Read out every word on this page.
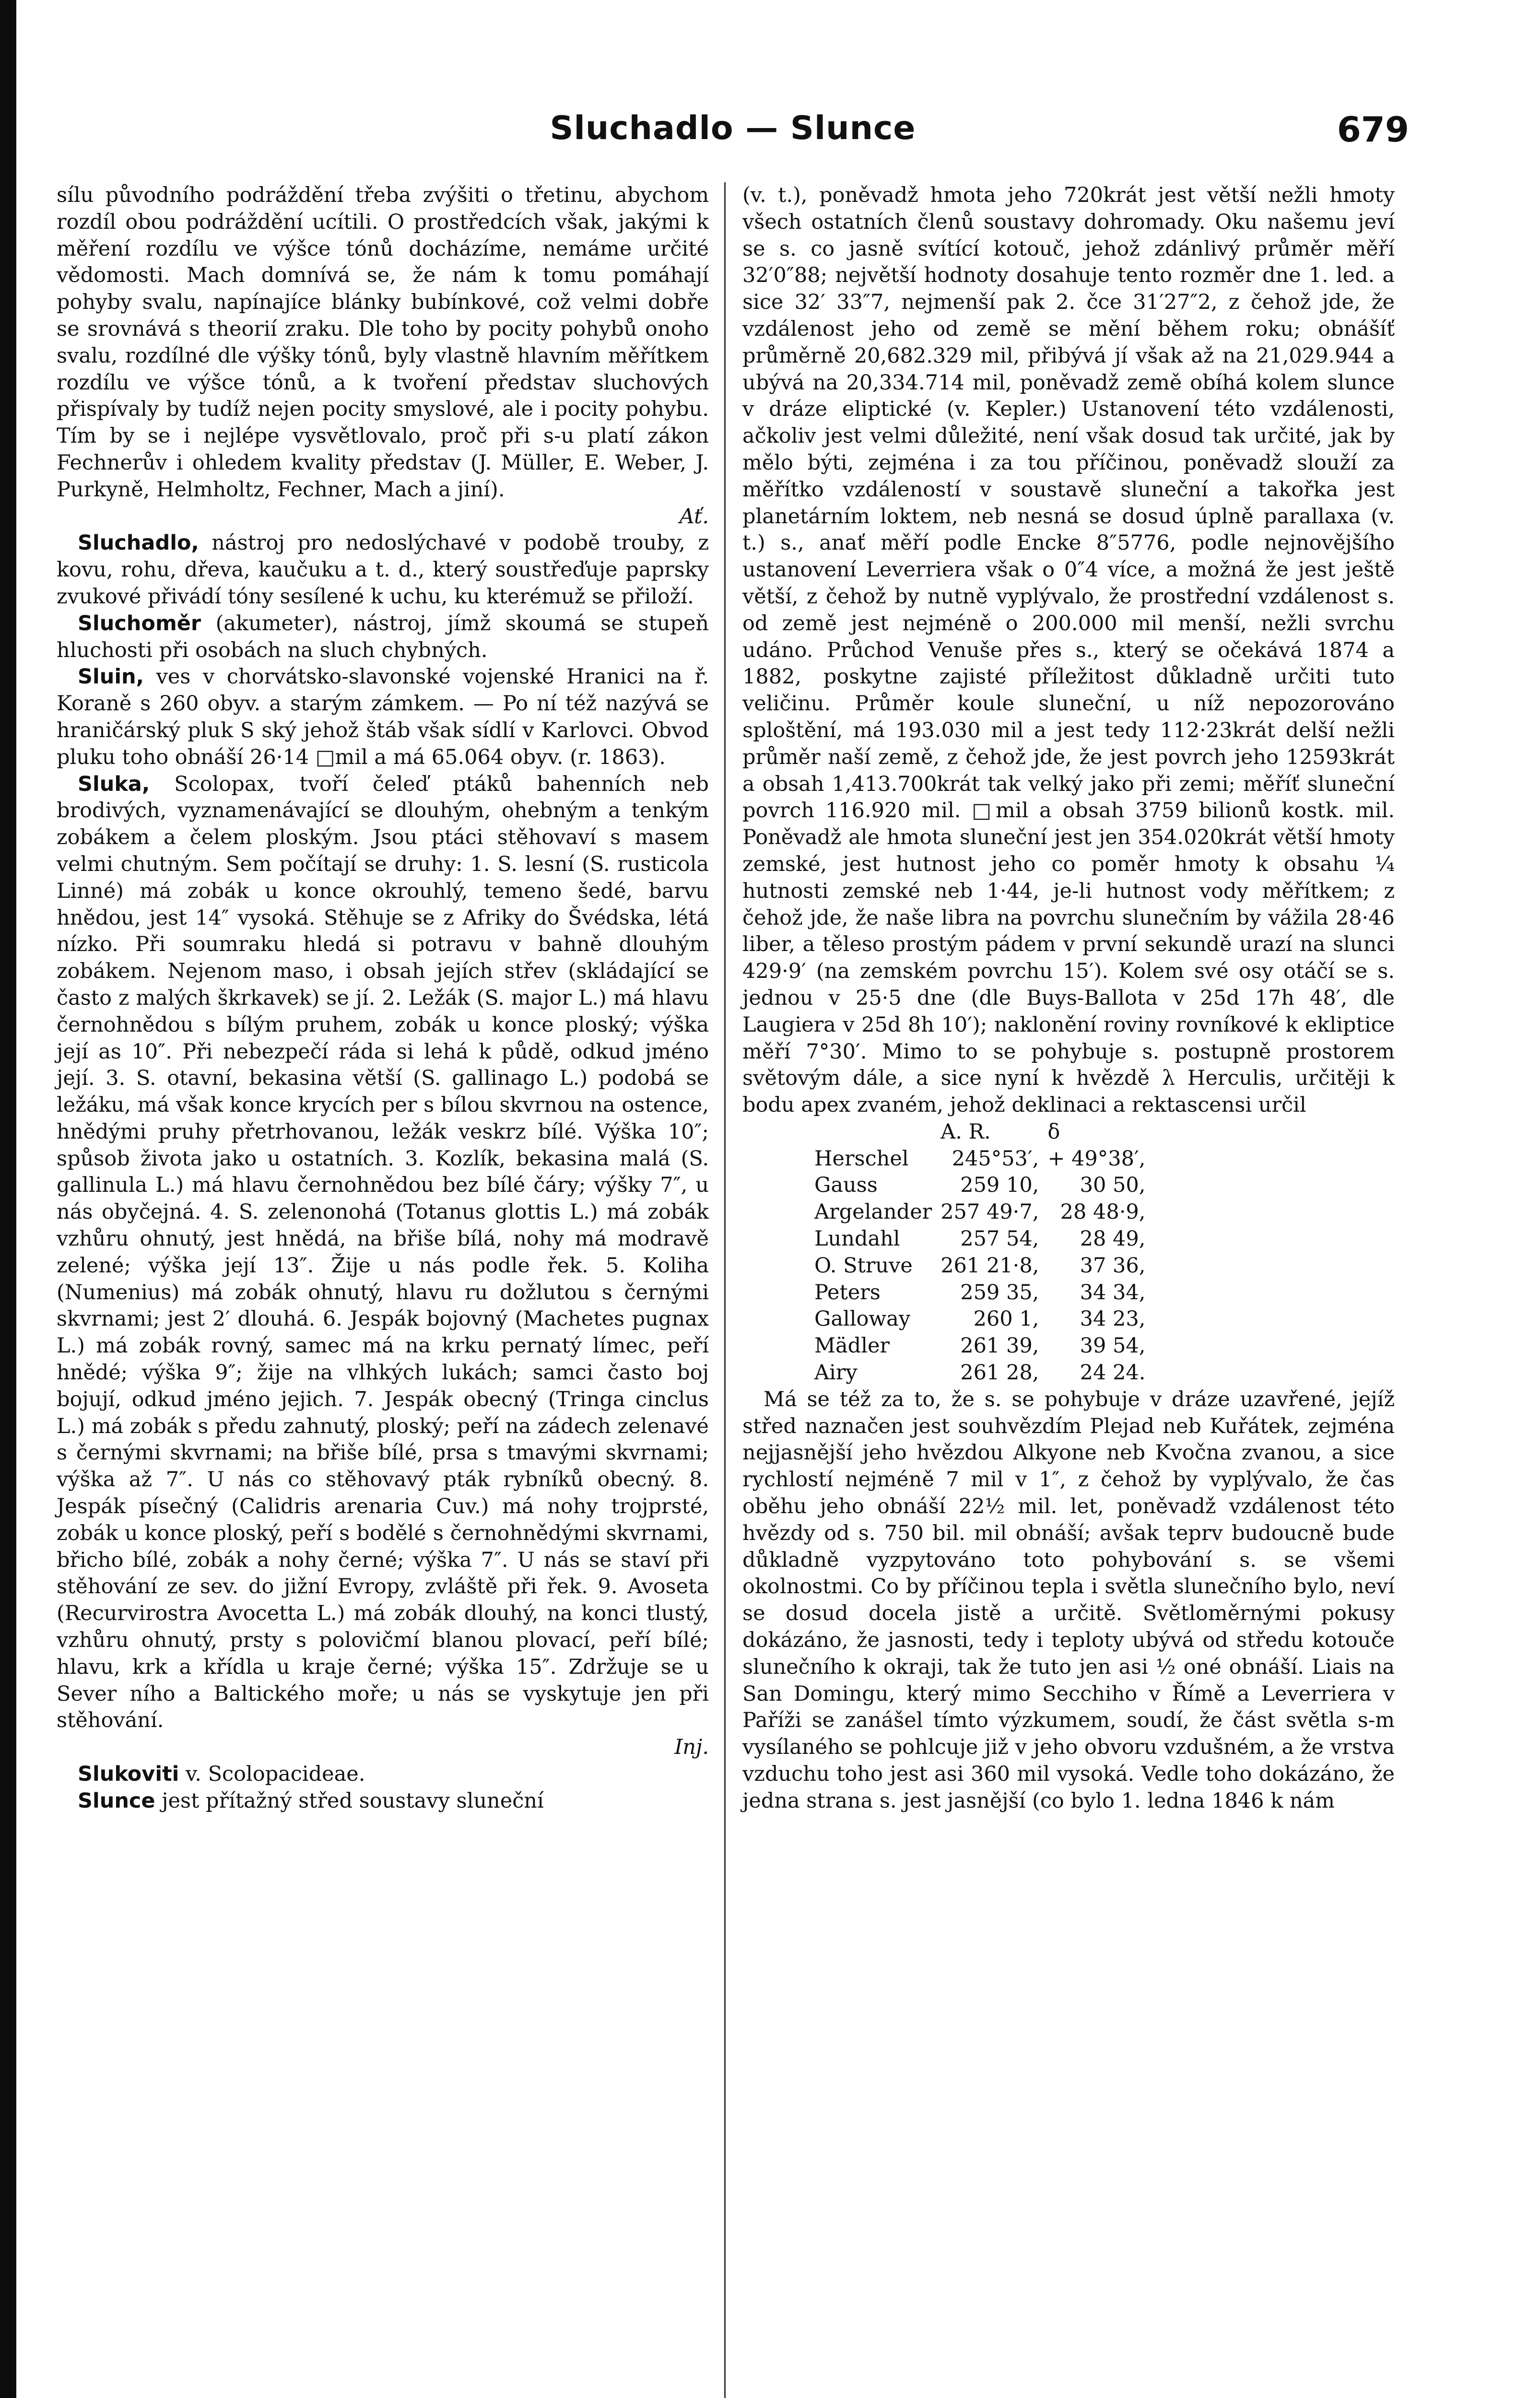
Sluchadlo — Slunce	679

sílu původního podráždění třeba zvýšiti o třetinu, abychom rozdíl obou podráždění ucítili. O prostředcích však, jakými k měření rozdílu ve výšce tónů docházíme, nemáme určité vědomosti. Mach domnívá se, že nám k tomu pomáhají pohyby svalu, napínajíce blánky bubínkové, což velmi dobře se srovnává s theorií zraku. Dle toho by pocity pohybů onoho svalu, rozdílné dle výšky tónů, byly vlastně hlavním měřítkem rozdílu ve výšce tónů, a k tvoření představ sluchových přispívaly by tudíž nejen pocity smyslové, ale i pocity pohybu. Tím by se i nejlépe vysvětlovalo, proč při s-u platí zákon Fechnerův i ohledem kvality představ (J. Müller, E. Weber, J. Purkyně, Helmholtz, Fechner, Mach a jiní).

Ať.

Sluchadlo, nástroj pro nedoslýchavé v podobě trouby, z kovu, rohu, dřeva, kaučuku a t. d., který soustřeďuje paprsky zvukové přivádí tóny sesílené k uchu, ku kterémuž se přiloží.

Sluchoměr (akumeter), nástroj, jímž skoumá se stupeň hluchosti při osobách na sluch chybných.

Sluin, ves v chorvátsko-slavonské vojenské Hranici na ř. Koraně s 260 obyv. a starým zámkem. — Po ní též nazývá se hraničárský pluk S ský jehož štáb však sídlí v Karlovci. Obvod pluku toho obnáší 26·14 □mil a má 65.064 obyv. (r. 1863).

Sluka, Scolopax, tvoří čeleď ptáků bahenních neb brodivých, vyznamenávající se dlouhým, ohebným a tenkým zobákem a čelem ploským. Jsou ptáci stěhovaví s masem velmi chutným. Sem počítají se druhy: 1. S. lesní (S. rusticola Linné) má zobák u konce okrouhlý, temeno šedé, barvu hnědou, jest 14″ vysoká. Stěhuje se z Afriky do Švédska, létá nízko. Při soumraku hledá si potravu v bahně dlouhým zobákem. Nejenom maso, i obsah jejích střev (skládající se často z malých škrkavek) se jí. 2. Ležák (S. major L.) má hlavu černohnědou s bílým pruhem, zobák u konce ploský; výška její as 10″. Při nebezpečí ráda si lehá k půdě, odkud jméno její. 3. S. otavní, bekasina větší (S. gallinago L.) podobá se ležáku, má však konce krycích per s bílou skvrnou na ostence, hnědými pruhy přetrhovanou, ležák veskrz bílé. Výška 10″; spůsob života jako u ostatních. 3. Kozlík, bekasina malá (S. gallinula L.) má hlavu černohnědou bez bílé čáry; výšky 7″, u nás obyčejná. 4. S. zelenonohá (Totanus glottis L.) má zobák vzhůru ohnutý, jest hnědá, na břiše bílá, nohy má modravě zelené; výška její 13″. Žije u nás podle řek. 5. Koliha (Numenius) má zobák ohnutý, hlavu ru dožlutou s černými skvrnami; jest 2′ dlouhá. 6. Jespák bojovný (Machetes pugnax L.) má zobák rovný, samec má na krku pernatý límec, peří hnědé; výška 9″; žije na vlhkých lukách; samci často boj bojují, odkud jméno jejich. 7. Jespák obecný (Tringa cinclus L.) má zobák s předu zahnutý, ploský; peří na zádech zelenavé s černými skvrnami; na břiše bílé, prsa s tmavými skvrnami; výška až 7″. U nás co stěhovavý pták rybníků obecný. 8. Jespák písečný (Calidris arenaria Cuv.) má nohy trojprsté, zobák u konce ploský, peří s bodělé s černohnědými skvrnami, břicho bílé, zobák a nohy černé; výška 7″. U nás se staví při stěhování ze sev. do jižní Evropy, zvláště při řek. 9. Avoseta (Recurvirostra Avocetta L.) má zobák dlouhý, na konci tlustý, vzhůru ohnutý, prsty s polovičmí blanou plovací, peří bílé; hlavu, krk a křídla u kraje černé; výška 15″. Zdržuje se u Sever ního a Baltického moře; u nás se vyskytuje jen při stěhování.

Inj.

Slukoviti v. Scolopacideae.

Slunce jest přítažný střed soustavy sluneční

(v. t.), poněvadž hmota jeho 720krát jest větší nežli hmoty všech ostatních členů soustavy dohromady. Oku našemu jeví se s. co jasně svítící kotouč, jehož zdánlivý průměr měří 32′0″88; největší hodnoty dosahuje tento rozměr dne 1. led. a sice 32′ 33″7, nejmenší pak 2. čce 31′27″2, z čehož jde, že vzdálenost jeho od země se mění během roku; obnášíť průměrně 20,682.329 mil, přibývá jí však až na 21,029.944 a ubývá na 20,334.714 mil, poněvadž země obíhá kolem slunce v dráze eliptické (v. Kepler.) Ustanovení této vzdálenosti, ačkoliv jest velmi důležité, není však dosud tak určité, jak by mělo býti, zejména i za tou příčinou, poněvadž slouží za měřítko vzdáleností v soustavě sluneční a takořka jest planetárním loktem, neb nesná se dosud úplně parallaxa (v. t.) s., anať měří podle Encke 8″5776, podle nejnovějšího ustanovení Leverriera však o 0″4 více, a možná že jest ještě větší, z čehož by nutně vyplývalo, že prostřední vzdálenost s. od země jest nejméně o 200.000 mil menší, nežli svrchu udáno. Průchod Venuše přes s., který se očekává 1874 a 1882, poskytne zajisté příležitost důkladně určiti tuto veličinu. Průměr koule sluneční, u níž nepozorováno sploštění, má 193.030 mil a jest tedy 112·23krát delší nežli průměr naší země, z čehož jde, že jest povrch jeho 12593krát a obsah 1,413.700krát tak velký jako při zemi; měříť sluneční povrch 116.920 mil. □mil a obsah 3759 bilionů kostk. mil. Poněvadž ale hmota sluneční jest jen 354.020krát větší hmoty zemské, jest hutnost jeho co poměr hmoty k obsahu ¼ hutnosti zemské neb 1·44, je-li hutnost vody měřítkem; z čehož jde, že naše libra na povrchu slunečním by vážila 28·46 liber, a těleso prostým pádem v první sekundě urazí na slunci 429·9′ (na zemském povrchu 15′). Kolem své osy otáčí se s. jednou v 25·5 dne (dle Buys-Ballota v 25d 17h 48′, dle Laugiera v 25d 8h 10′); naklonění roviny rovníkové k ekliptice měří 7°30′. Mimo to se pohybuje s. postupně prostorem světovým dále, a sice nyní k hvězdě λ Herculis, určitěji k bodu apex zvaném, jehož deklinaci a rektascensi určil

	A. R.	δ
Herschel	245°53′,	+ 49°38′,
Gauss	259 10,	30 50,
Argelander	257 49·7,	28 48·9,
Lundahl	257 54,	28 49,
O. Struve	261 21·8,	37 36,
Peters	259 35,	34 34,
Galloway	260 1,	34 23,
Mädler	261 39,	39 54,
Airy	261 28,	24 24.

Má se též za to, že s. se pohybuje v dráze uzavřené, jejíž střed naznačen jest souhvězdím Plejad neb Kuřátek, zejména nejjasnější jeho hvězdou Alkyone neb Kvočna zvanou, a sice rychlostí nejméně 7 mil v 1″, z čehož by vyplývalo, že čas oběhu jeho obnáší 22½ mil. let, poněvadž vzdálenost této hvězdy od s. 750 bil. mil obnáší; avšak teprv budoucně bude důkladně vyzpytováno toto pohybování s. se všemi okolnostmi. Co by příčinou tepla i světla slunečního bylo, neví se dosud docela jistě a určitě. Světloměrnými pokusy dokázáno, že jasnosti, tedy i teploty ubývá od středu kotouče slunečního k okraji, tak že tuto jen asi ½ oné obnáší. Liais na San Domingu, který mimo Secchiho v Římě a Leverriera v Paříži se zanášel tímto výzkumem, soudí, že část světla s-m vysílaného se pohlcuje již v jeho obvoru vzdušném, a že vrstva vzduchu toho jest asi 360 mil vysoká. Vedle toho dokázáno, že jedna strana s. jest jasnější (co bylo 1. ledna 1846 k nám
